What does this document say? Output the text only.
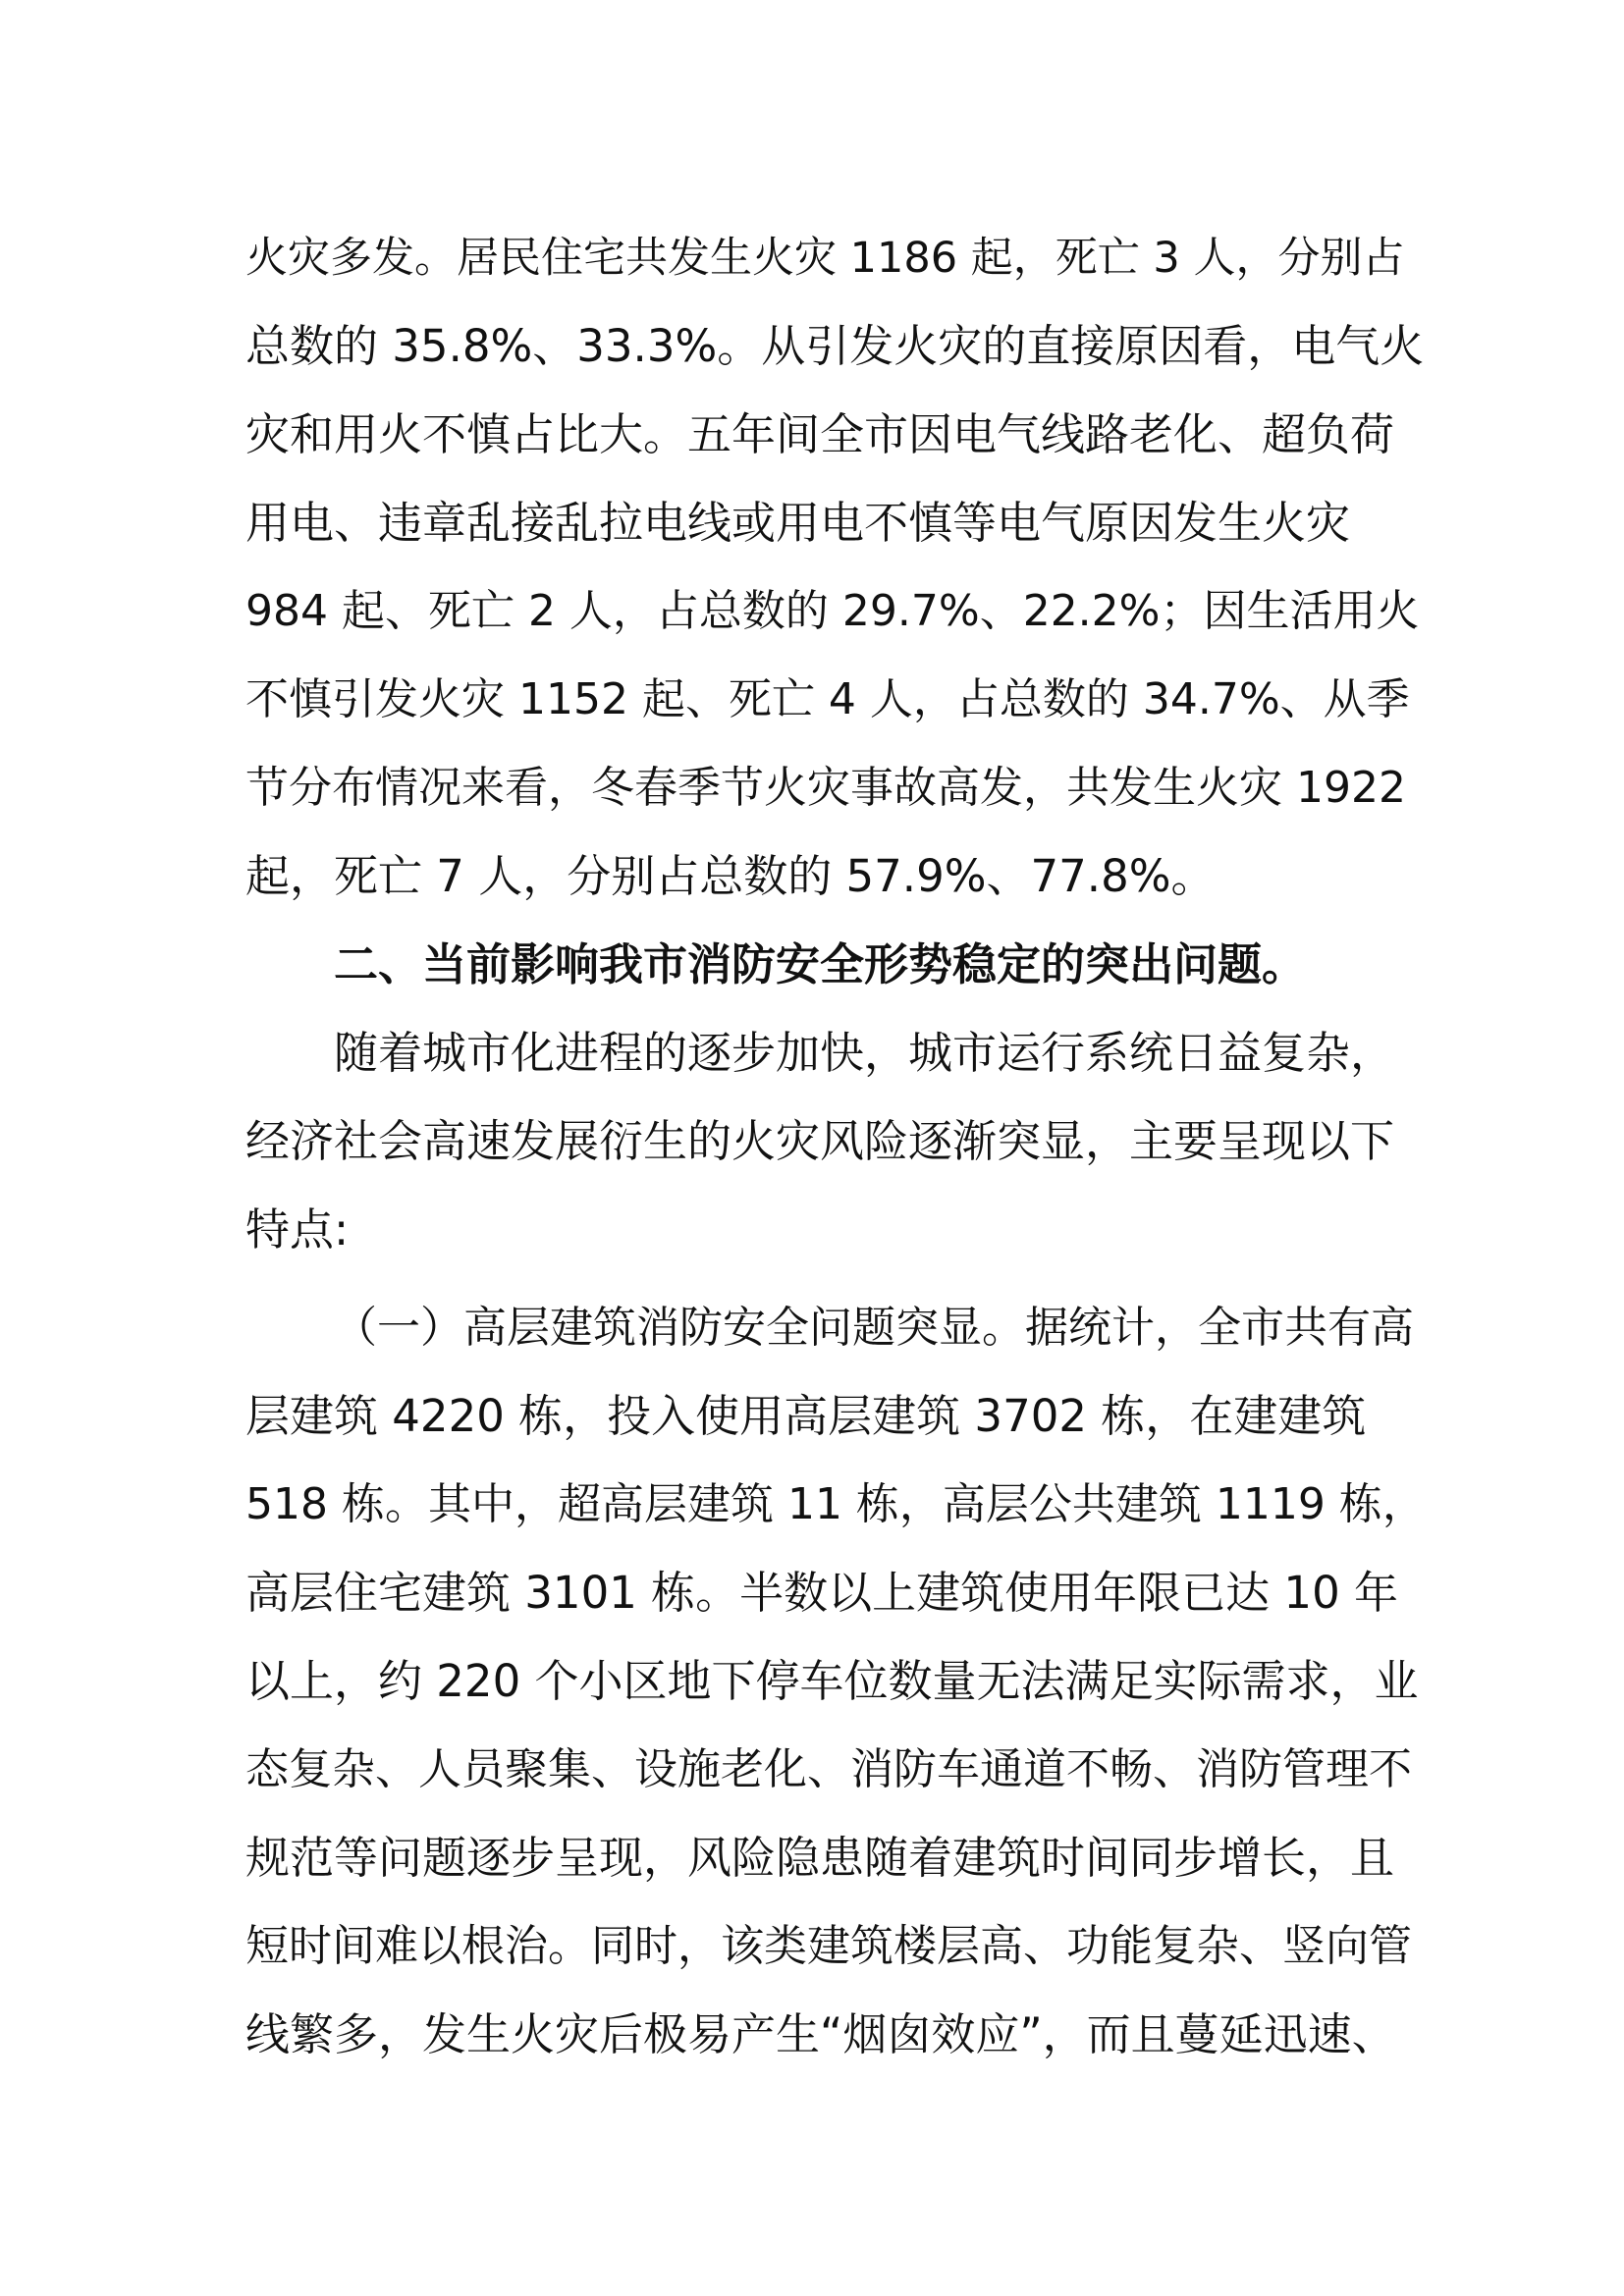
火灾多发。居民住宅共发生火灾 1186 起，死亡 3 人，分别占
总数的 35.8%、33.3%。从引发火灾的直接原因看，电气火
灾和用火不慎占比大。五年间全市因电气线路老化、超负荷
用电、违章乱接乱拉电线或用电不慎等电气原因发生火灾
984 起、死亡 2 人，占总数的 29.7%、22.2%；因生活用火
不慎引发火灾 1152 起、死亡 4 人，占总数的 34.7%、从季
节分布情况来看，冬春季节火灾事故高发，共发生火灾 1922
起，死亡 7 人，分别占总数的 57.9%、77.8%。
二、当前影响我市消防安全形势稳定的突出问题。
随着城市化进程的逐步加快，城市运行系统日益复杂，
经济社会高速发展衍生的火灾风险逐渐突显，主要呈现以下
特点:
（一）高层建筑消防安全问题突显。据统计，全市共有高
层建筑 4220 栋，投入使用高层建筑 3702 栋，在建建筑
518 栋。其中，超高层建筑 11 栋，高层公共建筑 1119 栋，
高层住宅建筑 3101 栋。半数以上建筑使用年限已达 10 年
以上，约 220 个小区地下停车位数量无法满足实际需求，业
态复杂、人员聚集、设施老化、消防车通道不畅、消防管理不
规范等问题逐步呈现，风险隐患随着建筑时间同步增长，且
短时间难以根治。同时，该类建筑楼层高、功能复杂、竖向管
线繁多，发生火灾后极易产生“烟囱效应”，而且蔓延迅速、
